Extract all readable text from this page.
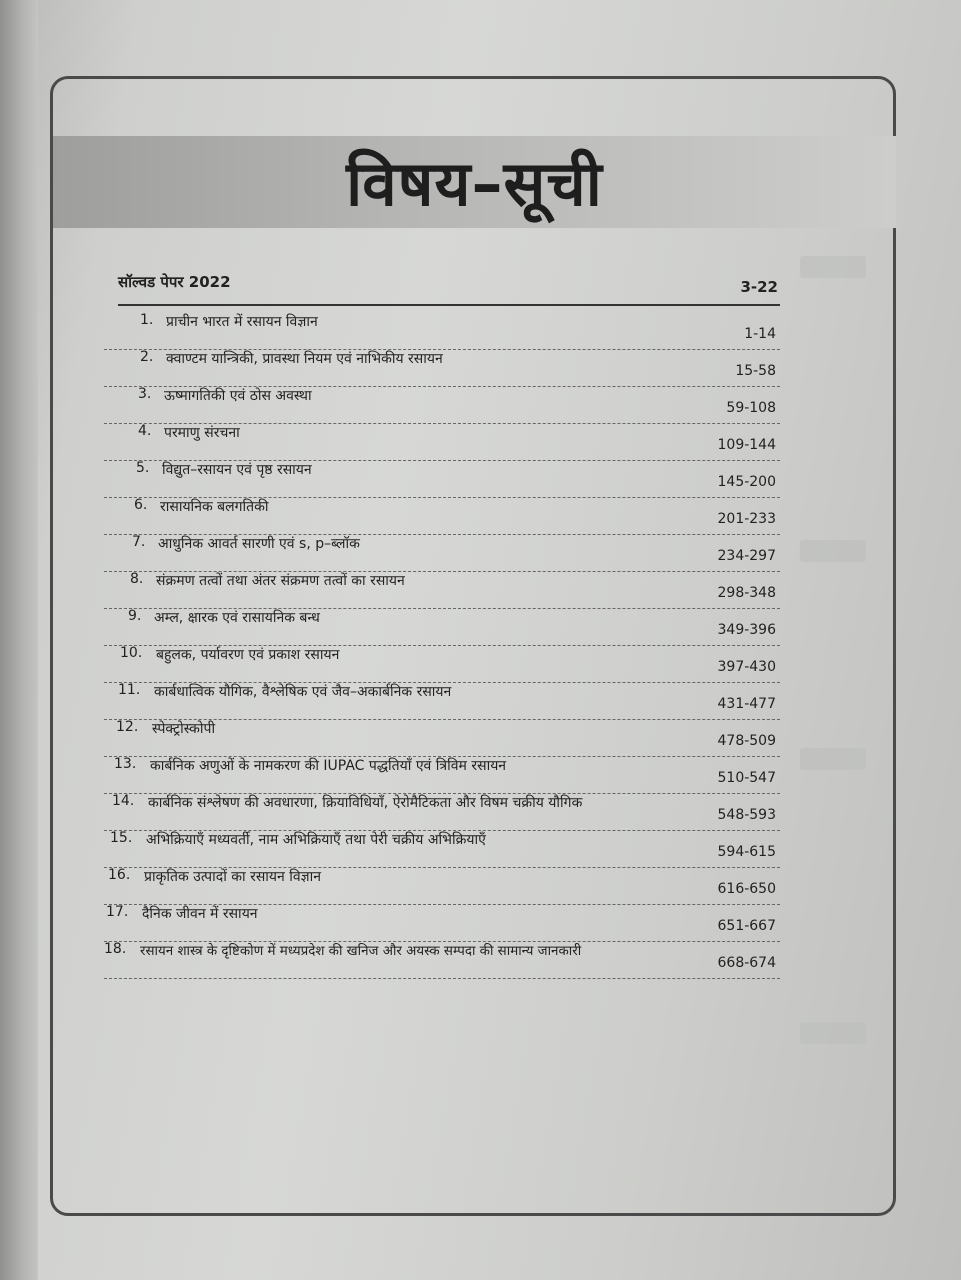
विषय–सूची
सॉल्वड पेपर 2022	3-22
1. प्राचीन भारत में रसायन विज्ञान
1-14
2. क्वाण्टम यान्त्रिकी, प्रावस्था नियम एवं नाभिकीय रसायन
15-58
3. ऊष्मागतिकी एवं ठोस अवस्था
59-108
4. परमाणु संरचना
109-144
5. विद्युत–रसायन एवं पृष्ठ रसायन
145-200
6. रासायनिक बलगतिकी
201-233
7. आधुनिक आवर्त सारणी एवं s, p–ब्लॉक
234-297
8. संक्रमण तत्वों तथा अंतर संक्रमण तत्वों का रसायन
298-348
9. अम्ल, क्षारक एवं रासायनिक बन्ध
349-396
10. बहुलक, पर्यावरण एवं प्रकाश रसायन
397-430
11. कार्बधात्विक यौगिक, वैश्लेषिक एवं जैव–अकार्बनिक रसायन
431-477
12. स्पेक्ट्रोस्कोपी
478-509
13. कार्बनिक अणुओं के नामकरण की IUPAC पद्धतियाँ एवं त्रिविम रसायन
510-547
14. कार्बनिक संश्लेषण की अवधारणा, क्रियाविधियाँ, ऐरोमैटिकता और विषम चक्रीय यौगिक
548-593
15. अभिक्रियाएँ मध्यवर्ती, नाम अभिक्रियाएँ तथा पेरी चक्रीय अभिक्रियाएँ
594-615
16. प्राकृतिक उत्पादों का रसायन विज्ञान
616-650
17. दैनिक जीवन में रसायन
651-667
18. रसायन शास्त्र के दृष्टिकोण में मध्यप्रदेश की खनिज और अयस्क सम्पदा की सामान्य जानकारी
668-674
